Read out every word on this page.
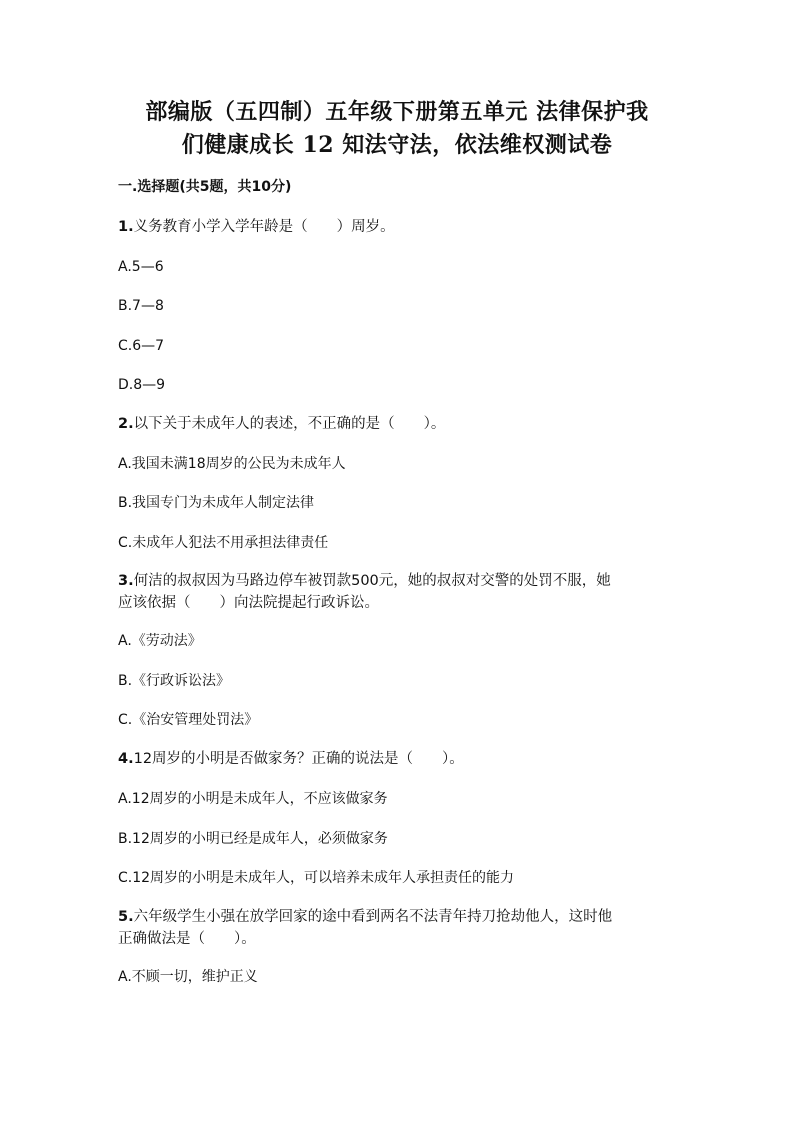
部编版（五四制）五年级下册第五单元 法律保护我
们健康成长 12 知法守法，依法维权测试卷
一.选择题(共5题，共10分)
1.义务教育小学入学年龄是（　　）周岁。
A.5—6
B.7—8
C.6—7
D.8—9
2.以下关于未成年人的表述，不正确的是（　　）。
A.我国未满18周岁的公民为未成年人
B.我国专门为未成年人制定法律
C.未成年人犯法不用承担法律责任
3.何洁的叔叔因为马路边停车被罚款500元，她的叔叔对交警的处罚不服，她
应该依据（　　）向法院提起行政诉讼。
A.《劳动法》
B.《行政诉讼法》
C.《治安管理处罚法》
4.12周岁的小明是否做家务？正确的说法是（　　）。
A.12周岁的小明是未成年人，不应该做家务
B.12周岁的小明已经是成年人，必须做家务
C.12周岁的小明是未成年人，可以培养未成年人承担责任的能力
5.六年级学生小强在放学回家的途中看到两名不法青年持刀抢劫他人，这时他
正确做法是（　　）。
A.不顾一切，维护正义
